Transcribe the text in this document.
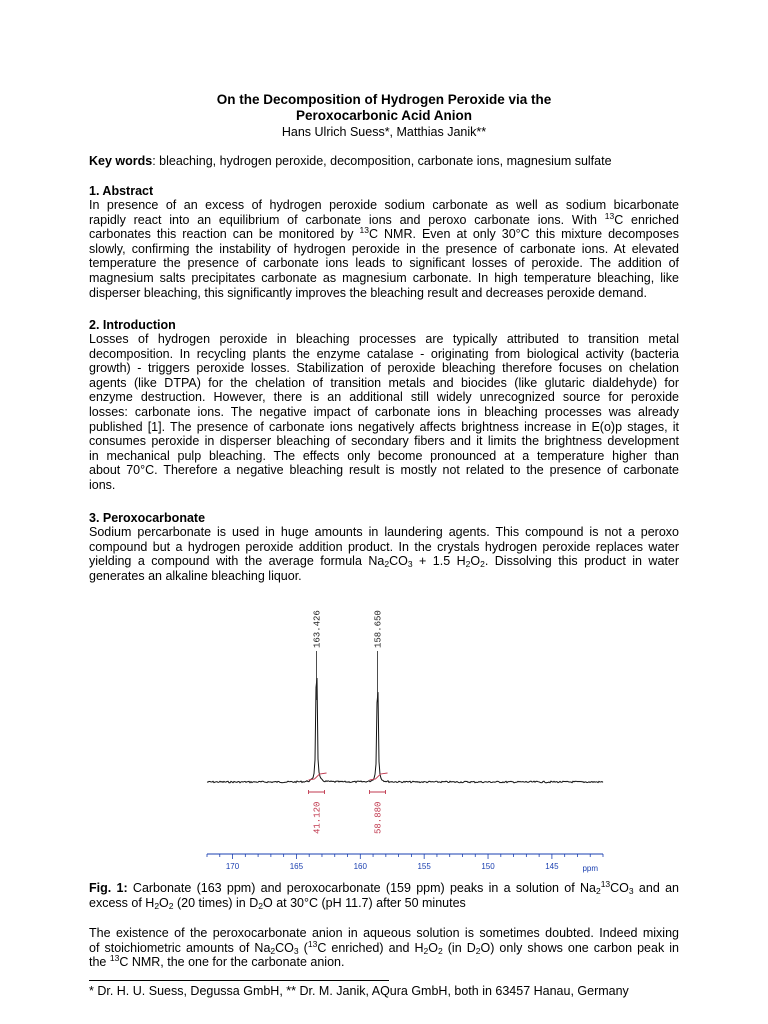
On the Decomposition of Hydrogen Peroxide via the
Peroxocarbonic Acid Anion
Hans Ulrich Suess*, Matthias Janik**
Key words: bleaching, hydrogen peroxide, decomposition, carbonate ions, magnesium sulfate
1. Abstract
In presence of an excess of hydrogen peroxide sodium carbonate as well as sodium bicarbonate
rapidly react into an equilibrium of carbonate ions and peroxo carbonate ions. With $^{13}$C enriched
carbonates this reaction can be monitored by $^{13}$C NMR. Even at only 30°C this mixture decomposes
slowly, confirming the instability of hydrogen peroxide in the presence of carbonate ions. At elevated
temperature the presence of carbonate ions leads to significant losses of peroxide. The addition of
magnesium salts precipitates carbonate as magnesium carbonate. In high temperature bleaching, like
disperser bleaching, this significantly improves the bleaching result and decreases peroxide demand.
2. Introduction
Losses of hydrogen peroxide in bleaching processes are typically attributed to transition metal
decomposition. In recycling plants the enzyme catalase - originating from biological activity (bacteria
growth) - triggers peroxide losses. Stabilization of peroxide bleaching therefore focuses on chelation
agents (like DTPA) for the chelation of transition metals and biocides (like glutaric dialdehyde) for
enzyme destruction. However, there is an additional still widely unrecognized source for peroxide
losses: carbonate ions. The negative impact of carbonate ions in bleaching processes was already
published [1]. The presence of carbonate ions negatively affects brightness increase in E(o)p stages, it
consumes peroxide in disperser bleaching of secondary fibers and it limits the brightness development
in mechanical pulp bleaching. The effects only become pronounced at a temperature higher than
about 70°C. Therefore a negative bleaching result is mostly not related to the presence of carbonate
ions.
3. Peroxocarbonate
Sodium percarbonate is used in huge amounts in laundering agents. This compound is not a peroxo
compound but a hydrogen peroxide addition product. In the crystals hydrogen peroxide replaces water
yielding a compound with the average formula $Na_2CO_3 + 1.5$ $H_2O_2$. Dissolving this product in water
generates an alkaline bleaching liquor.
163.426	158.650
41.120	58.880
170	165	160	155	150	145	ppm
Fig. 1: Carbonate (163 ppm) and peroxocarbonate (159 ppm) peaks in a solution of $Na_2^{13}CO_3$ and an
excess of $H_2O_2$ (20 times) in $D_2O$ at 30°C (pH 11.7) after 50 minutes
The existence of the peroxocarbonate anion in aqueous solution is sometimes doubted. Indeed mixing
of stoichiometric amounts of $Na_2CO_3$ ($^{13}$C enriched) and $H_2O_2$ (in $D_2O$) only shows one carbon peak in
the $^{13}$C NMR, the one for the carbonate anion.
* Dr. H. U. Suess, Degussa GmbH, ** Dr. M. Janik, AQura GmbH, both in 63457 Hanau, Germany
